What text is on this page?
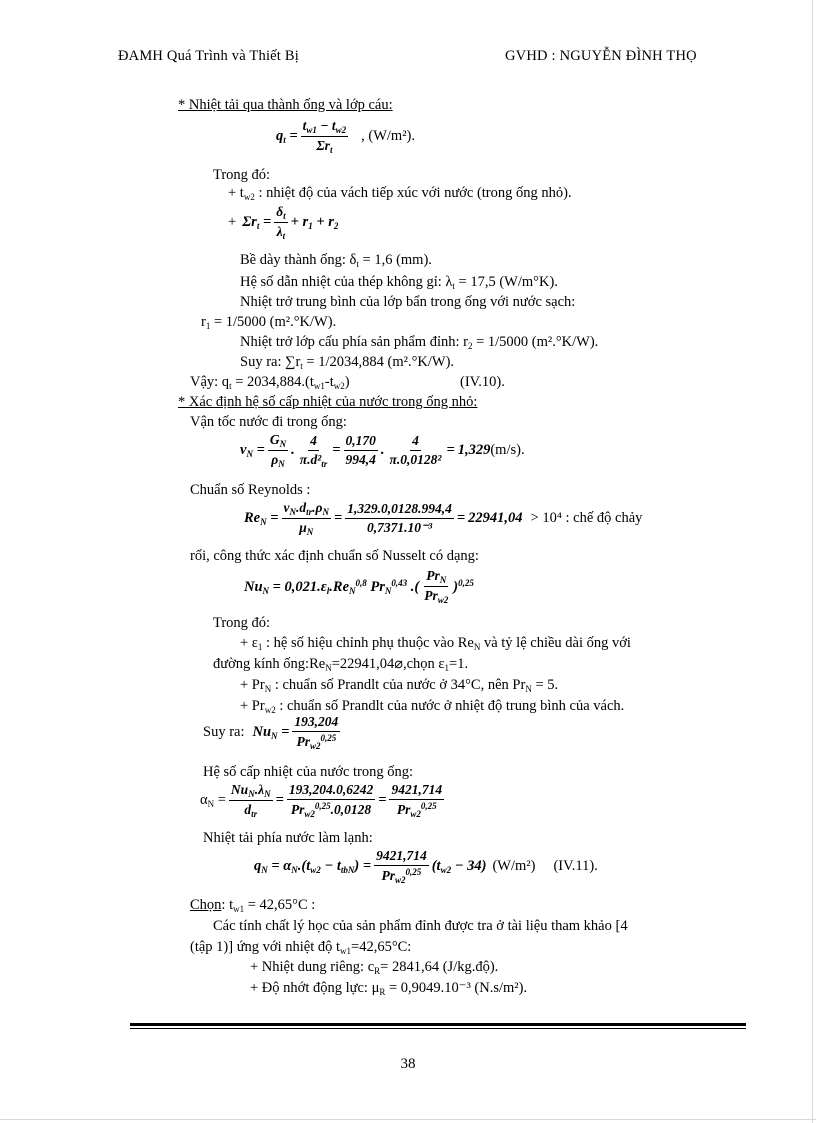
ĐAMH Quá Trình và Thiết Bị	GVHD : NGUYỄN ĐÌNH THỌ
* Nhiệt tải qua thành ống và lớp cáu:
$q_t = \frac{t_{w1} - t_{w2}}{\Sigma r_t}$ , (W/m²).
Trong đó:
+ $t_{w2}$ : nhiệt độ của vách tiếp xúc với nước (trong ống nhỏ).
+ $\Sigma r_t = \frac{\delta_t}{\lambda_t} + r_1 + r_2$
Bề dày thành ống: $\delta_t = 1,6$ (mm).
Hệ số dẫn nhiệt của thép không gỉ: $\lambda_t = 17,5$ (W/m°K).
Nhiệt trở trung bình của lớp bẩn trong ống với nước sạch:
$r_1 = 1/5000$ (m².°K/W).
Nhiệt trở lớp cấu phía sản phẩm đỉnh: $r_2 = 1/5000$ (m².°K/W).
Suy ra: $\sum r_t = 1/2034,884$ (m².°K/W).
Vậy: $q_t = 2034,884.(t_{w1}-t_{w2})$	(IV.10).
* Xác định hệ số cấp nhiệt của nước trong ống nhỏ:
Vận tốc nước đi trong ống:
$v_N = \frac{G_N}{\rho_N}$ . $\frac{4}{\pi.d^2_{tr}} = \frac{0,170}{994,4}$ . $\frac{4}{\text{π.0,0128²}} = 1,329$ (m/s).
Chuẩn số Reynolds :
$Re_N = \frac{v_N.d_{tr}.\rho_N}{\mu_N} = \frac{1,329.0,0128.994,4}{\text{0,7371.10⁻³}} = 22941,04 > 10^4$ : chế độ chảy
rối, công thức xác định chuẩn số Nusselt có dạng:
$Nu_N = 0,021.\varepsilon_l.Re_N^{0,8}$ $Pr_N^{0,43}$ .( $\frac{Pr_N}{Pr_{w2}} )^{0,25}$
Trong đó:
+ $\varepsilon_1$ : hệ số hiệu chỉnh phụ thuộc vào $Re_N$ và tỷ lệ chiều dài ống với
đường kính $ống:Re_N=22941,04⌀,chọn$ $\varepsilon_1=1$.
+ $Pr_N$ : chuẩn số Prandlt của nước ở 34°C, nên $Pr_N = 5$.
+ $Pr_{w2}$ : chuẩn số Prandlt của nước ở nhiệt độ trung bình của vách.
Suy ra: $Nu_N = \frac{193,204}{Pr_{w2}^{0,25}}$
Hệ số cấp nhiệt của nước trong ống:
$\alpha_N = \frac{Nu_N.\lambda_N}{d_{tr}} = \frac{193,204.0,6242}{Pr_{w2}^{0,25}.0,0128} = \frac{9421,714}{Pr_{w2}^{0,25}}$
Nhiệt tải phía nước làm lạnh:
$q_N = \alpha_N.(t_{w2} - t_{tbN}) = \frac{9421,714}{Pr_{w2}^{0,25}} (t_{w2} - 34)$ (W/m²) (IV.11).
Chọn: $t_{w1} = 42,65^\circ C$ :
Các tính chất lý học của sản phẩm đỉnh được tra ở tài liệu tham khảo [4
(tập 1)] ứng với nhiệt độ $t_{w1}=42,65^\circ C$:
+ Nhiệt dung riêng: $c_R= 2841,64$ (J/kg.độ).
+ Độ nhớt động lực: $\mu_R = 0,9049.10^{-3}$ (N.s/m²).
38
